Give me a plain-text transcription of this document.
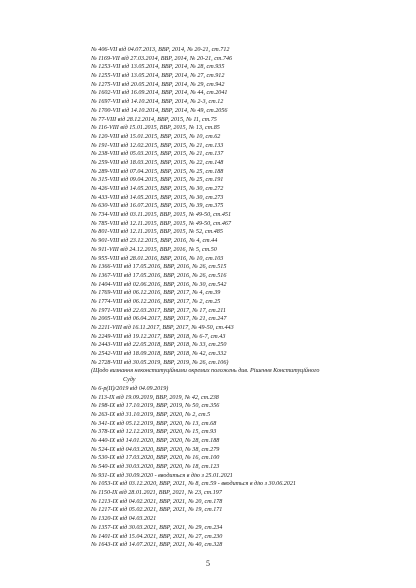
№ 406-VII від 04.07.2013, ВВР, 2014, № 20-21, ст.712
№ 1169-VII від 27.03.2014, ВВР, 2014, № 20-21, ст.746
№ 1253-VII від 13.05.2014, ВВР, 2014, № 28, ст.935
№ 1255-VII від 13.05.2014, ВВР, 2014, № 27, ст.912
№ 1275-VII від 20.05.2014, ВВР, 2014, № 29, ст.942
№ 1602-VII від 16.09.2014, ВВР, 2014, № 44, ст.2041
№ 1697-VII від 14.10.2014, ВВР, 2014, № 2-3, ст.12
№ 1700-VII від 14.10.2014, ВВР, 2014, № 49, ст.2056
№ 77-VIII від 28.12.2014, ВВР, 2015, № 11, ст.75
№ 116-VIII від 15.01.2015, ВВР, 2015, № 13, ст.85
№ 120-VIII від 15.01.2015, ВВР, 2015, № 10, ст.62
№ 191-VIII від 12.02.2015, ВВР, 2015, № 21, ст.133
№ 238-VIII від 05.03.2015, ВВР, 2015, № 21, ст.137
№ 259-VIII від 18.03.2015, ВВР, 2015, № 22, ст.148
№ 289-VIII від 07.04.2015, ВВР, 2015, № 25, ст.188
№ 315-VIII від 09.04.2015, ВВР, 2015, № 25, ст.191
№ 426-VIII від 14.05.2015, ВВР, 2015, № 30, ст.272
№ 433-VIII від 14.05.2015, ВВР, 2015, № 30, ст.273
№ 630-VIII від 16.07.2015, ВВР, 2015, № 39, ст.375
№ 734-VIII від 03.11.2015, ВВР, 2015, № 49-50, ст.451
№ 785-VIII від 12.11.2015, ВВР, 2015, № 49-50, ст.467
№ 801-VIII від 12.11.2015, ВВР, 2015, № 52, ст.485
№ 901-VIII від 23.12.2015, ВВР, 2016, № 4, ст.44
№ 911-VIII від 24.12.2015, ВВР, 2016, № 5, ст.50
№ 955-VIII від 28.01.2016, ВВР, 2016, № 10, ст.103
№ 1366-VIII від 17.05.2016, ВВР, 2016, № 26, ст.515
№ 1367-VIII від 17.05.2016, ВВР, 2016, № 26, ст.516
№ 1404-VIII від 02.06.2016, ВВР, 2016, № 30, ст.542
№ 1769-VIII від 06.12.2016, ВВР, 2017, № 4, ст.39
№ 1774-VIII від 06.12.2016, ВВР, 2017, № 2, ст.25
№ 1971-VIII від 22.03.2017, ВВР, 2017, № 17, ст.211
№ 2005-VIII від 06.04.2017, ВВР, 2017, № 21, ст.247
№ 2211-VIII від 16.11.2017, ВВР, 2017, № 49-50, ст.443
№ 2249-VIII від 19.12.2017, ВВР, 2018, № 6-7, ст.43
№ 2443-VIII від 22.05.2018, ВВР, 2018, № 33, ст.250
№ 2542-VIII від 18.09.2018, ВВР, 2018, № 42, ст.332
№ 2728-VIII від 30.05.2019, ВВР, 2019, № 26, ст.106)
(Щодо визнання неконституційними окремих положень див. Рішення Конституційного
Суду
№ 6-р(II)/2019 від 04.09.2019)
№ 113-IX від 19.09.2019, ВВР, 2019, № 42, ст.238
№ 198-IX від 17.10.2019, ВВР, 2019, № 50, ст.356
№ 263-IX від 31.10.2019, ВВР, 2020, № 2, ст.5
№ 341-IX від 05.12.2019, ВВР, 2020, № 13, ст.68
№ 378-IX від 12.12.2019, ВВР, 2020, № 15, ст.93
№ 440-IX від 14.01.2020, ВВР, 2020, № 28, ст.188
№ 524-IX від 04.03.2020, ВВР, 2020, № 38, ст.279
№ 530-IX від 17.03.2020, ВВР, 2020, № 16, ст.100
№ 540-IX від 30.03.2020, ВВР, 2020, № 18, ст.123
№ 931-IX від 30.09.2020 - вводиться в дію з 25.01.2021
№ 1053-IX від 03.12.2020, ВВР, 2021, № 8, ст.59 - вводиться в дію з 30.06.2021
№ 1150-IX від 28.01.2021, ВВР, 2021, № 23, ст.197
№ 1213-IX від 04.02.2021, ВВР, 2021, № 20, ст.178
№ 1217-IX від 05.02.2021, ВВР, 2021, № 19, ст.171
№ 1320-IX від 04.03.2021
№ 1357-IX від 30.03.2021, ВВР, 2021, № 29, ст.234
№ 1401-IX від 15.04.2021, ВВР, 2021, № 27, ст.230
№ 1643-IX від 14.07.2021, ВВР, 2021, № 40, ст.328
5
